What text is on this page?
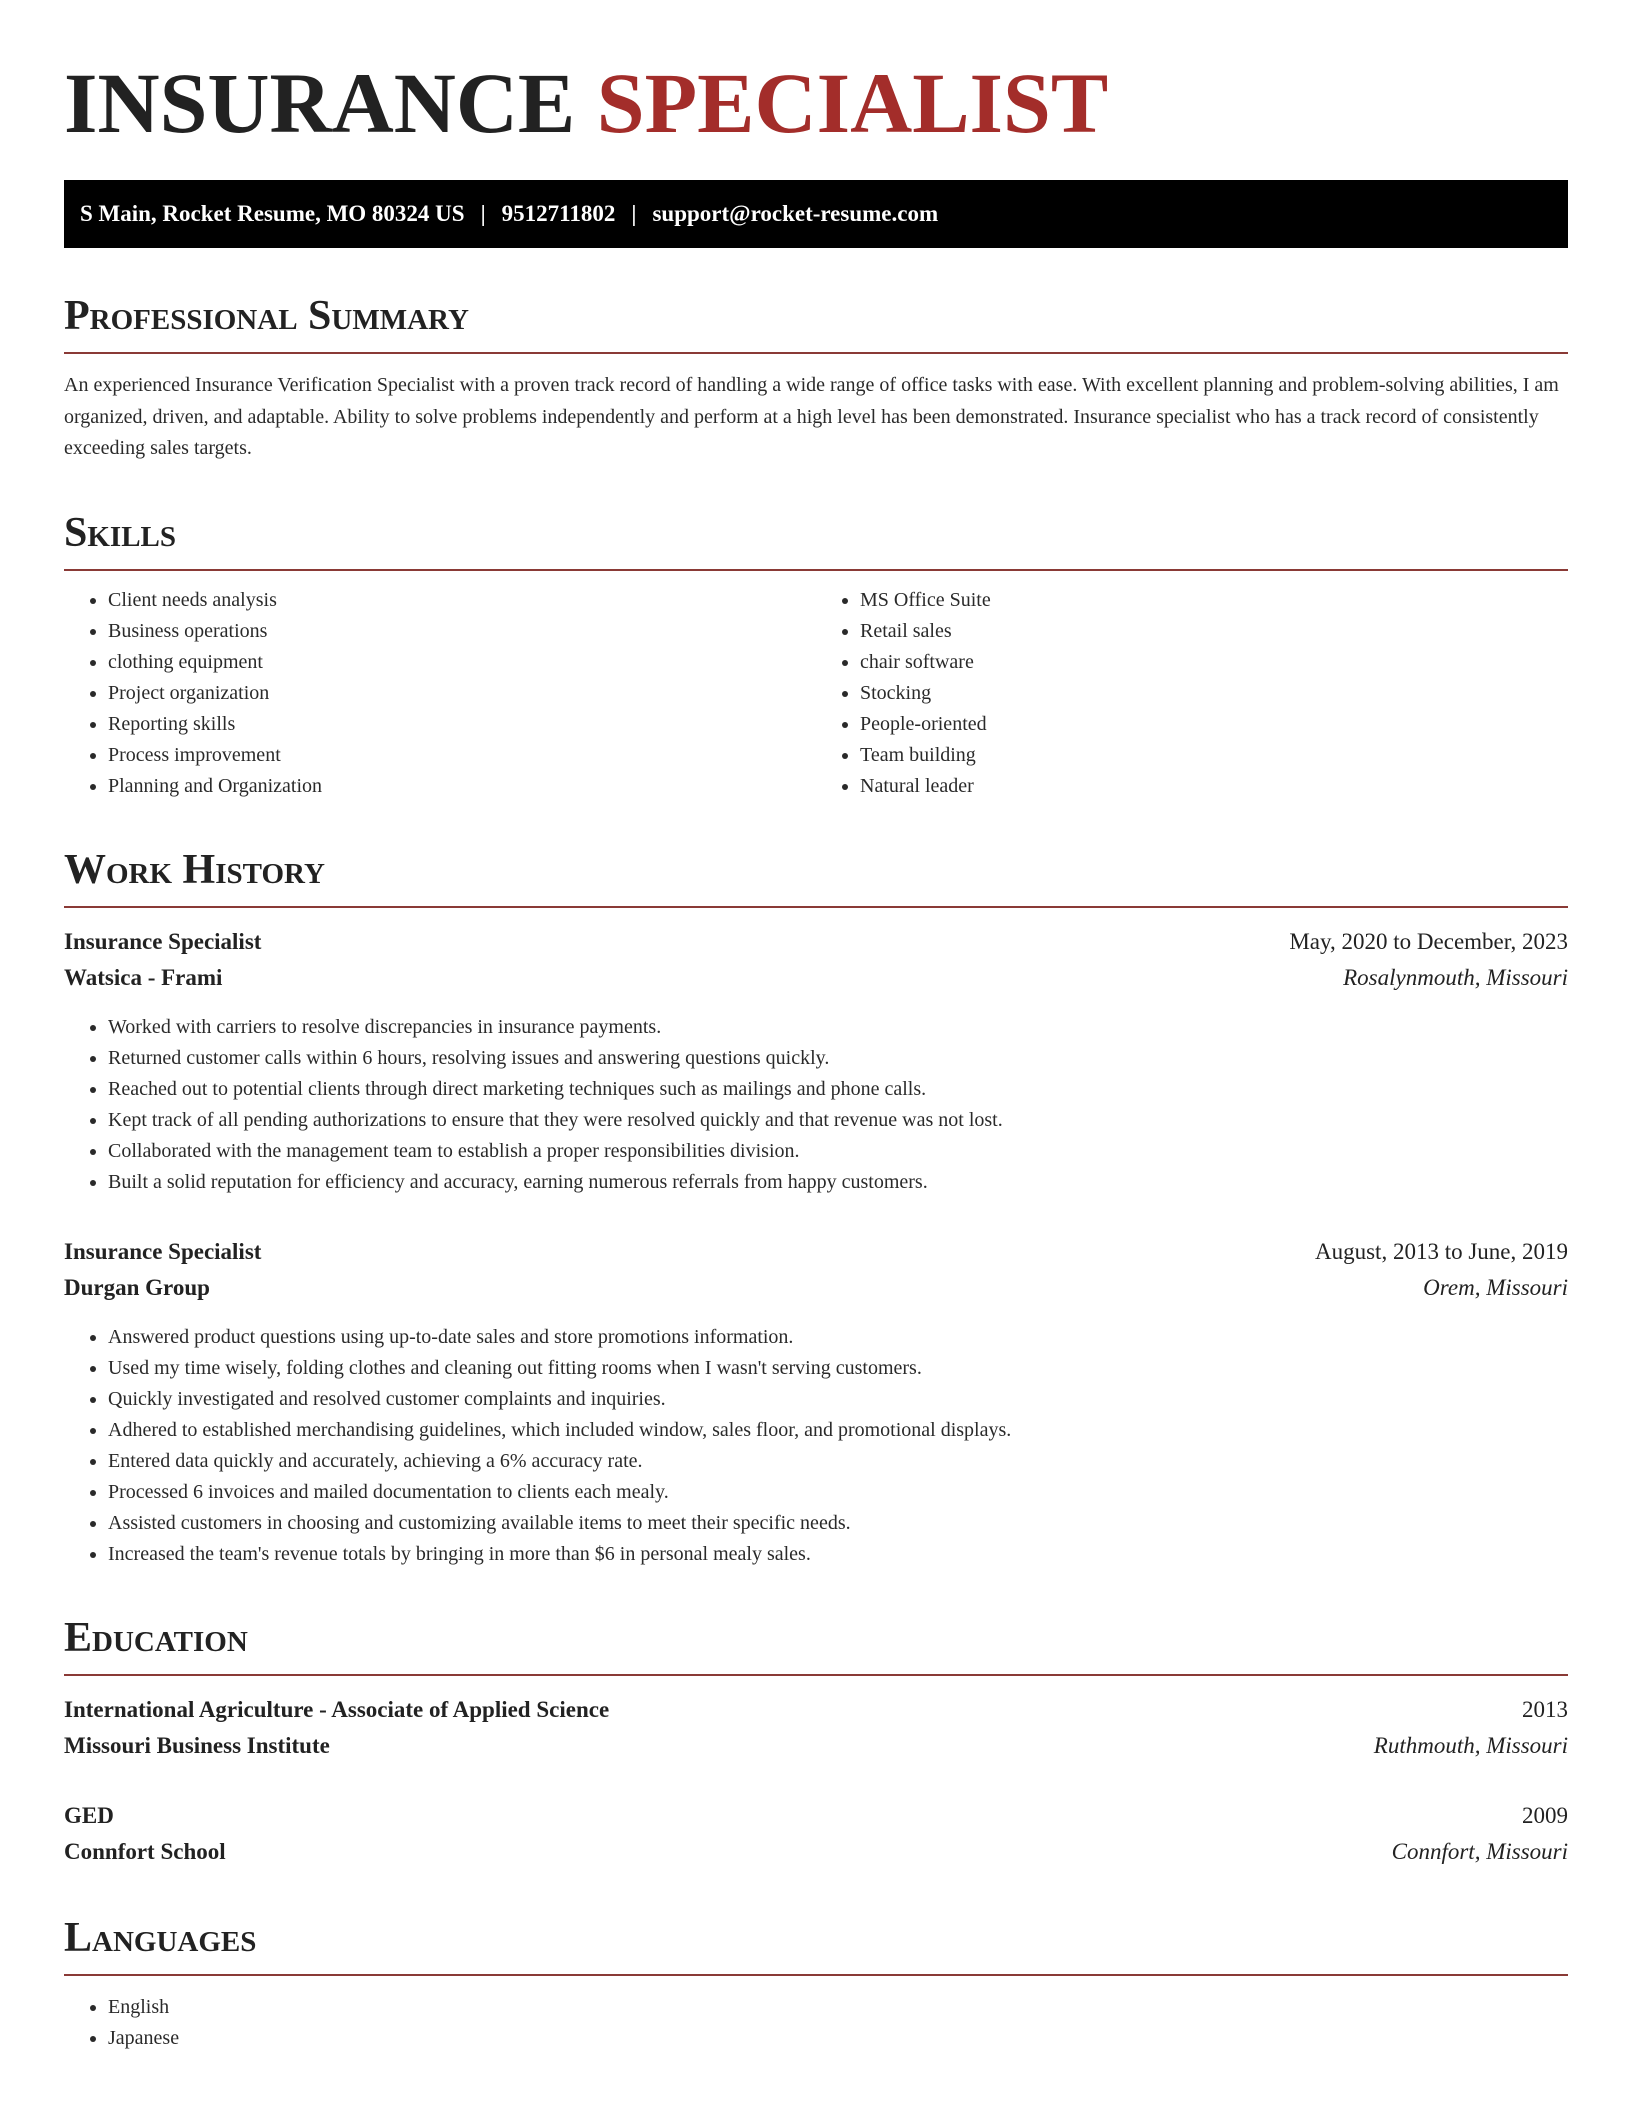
INSURANCE SPECIALIST
S Main, Rocket Resume, MO 80324 US | 9512711802 | support@rocket-resume.com
Professional Summary

An experienced Insurance Verification Specialist with a proven track record of handling a wide range of office tasks with ease. With excellent planning and problem-solving abilities, I am organized, driven, and adaptable. Ability to solve problems independently and perform at a high level has been demonstrated. Insurance specialist who has a track record of consistently exceeding sales targets.

Skills
• Client needs analysis
• Business operations
• clothing equipment
• Project organization
• Reporting skills
• Process improvement
• Planning and Organization
• MS Office Suite
• Retail sales
• chair software
• Stocking
• People-oriented
• Team building
• Natural leader
Work History
Insurance Specialist	May, 2020 to December, 2023
Watsica - Frami	Rosalynmouth, Missouri
• Worked with carriers to resolve discrepancies in insurance payments.
• Returned customer calls within 6 hours, resolving issues and answering questions quickly.
• Reached out to potential clients through direct marketing techniques such as mailings and phone calls.
• Kept track of all pending authorizations to ensure that they were resolved quickly and that revenue was not lost.
• Collaborated with the management team to establish a proper responsibilities division.
• Built a solid reputation for efficiency and accuracy, earning numerous referrals from happy customers.
Insurance Specialist	August, 2013 to June, 2019
Durgan Group	Orem, Missouri
• Answered product questions using up-to-date sales and store promotions information.
• Used my time wisely, folding clothes and cleaning out fitting rooms when I wasn't serving customers.
• Quickly investigated and resolved customer complaints and inquiries.
• Adhered to established merchandising guidelines, which included window, sales floor, and promotional displays.
• Entered data quickly and accurately, achieving a 6% accuracy rate.
• Processed 6 invoices and mailed documentation to clients each mealy.
• Assisted customers in choosing and customizing available items to meet their specific needs.
• Increased the team's revenue totals by bringing in more than $6 in personal mealy sales.
Education
International Agriculture - Associate of Applied Science	2013
Missouri Business Institute	Ruthmouth, Missouri
GED	2009
Connfort School	Connfort, Missouri
Languages
• English
• Japanese
